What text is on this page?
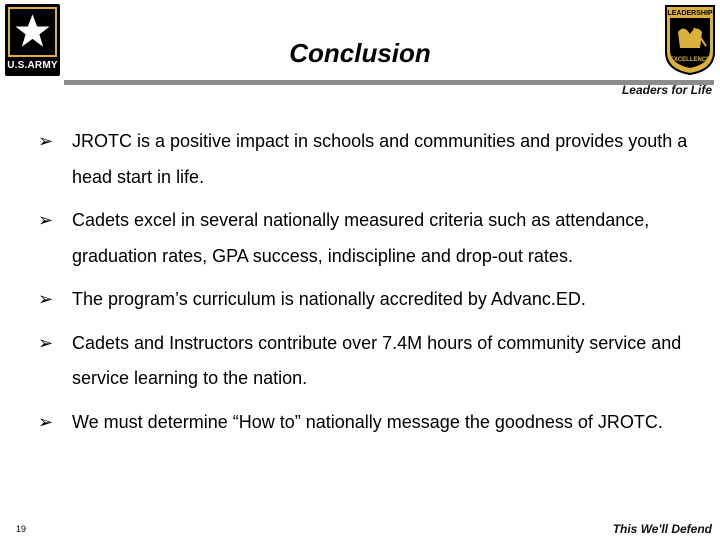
U.S.ARMY	Conclusion
LEADERSHIP
EXCELLENCE
Leaders for Life
➢ JROTC is a positive impact in schools and communities and provides youth a head start in life.
➢ Cadets excel in several nationally measured criteria such as attendance, graduation rates, GPA success, indiscipline and drop-out rates.
➢ The program’s curriculum is nationally accredited by Advanc.ED.
➢ Cadets and Instructors contribute over 7.4M hours of community service and service learning to the nation.
➢ We must determine “How to” nationally message the goodness of JROTC.
19	This We'll Defend
